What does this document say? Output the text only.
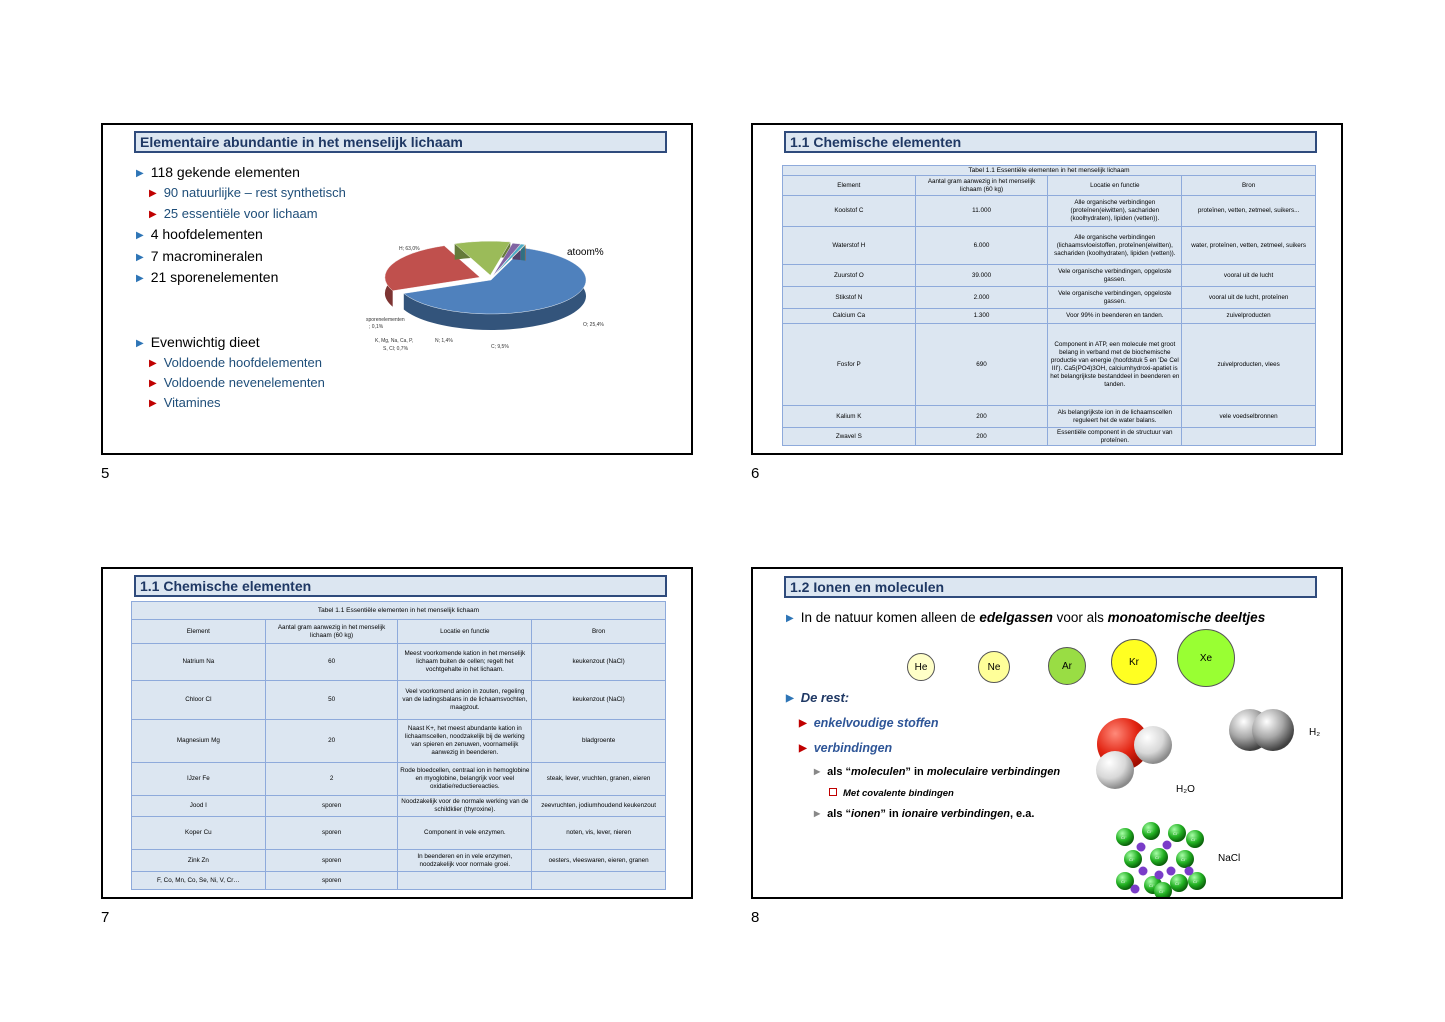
Elementaire abundantie in het menselijk lichaam
▶ 118 gekende elementen
▶ 90 natuurlijke – rest synthetisch
▶ 25 essentiële voor lichaam
▶ 4 hoofdelementen
▶ 7 macromineralen
▶ 21 sporenelementen
▶ Evenwichtig dieet
▶ Voldoende hoofdelementen
▶ Voldoende nevenelementen
▶ Vitamines
atoom%
H; 63,0%
O; 25,4%
C; 9,5%
N; 1,4%
K, Mg, Na, Ca, P, S, Cl; 0,7%
sporenelementen ; 0,1%
5
1.1 Chemische elementen
Tabel 1.1 Essentiële elementen in het menselijk lichaam			
Element	Aantal gram aanwezig in het menselijk lichaam (60 kg)	Locatie en functie	Bron
Koolstof C	11.000	Alle organische verbindingen (proteïnen(eiwitten), sachariden (koolhydraten), lipiden (vetten)).	proteïnen, vetten, zetmeel, suikers...
Waterstof H	6.000	Alle organische verbindingen (lichaamsvloeistoffen, proteïnen(eiwitten), sachariden (koolhydraten), lipiden (vetten)).	water, proteïnen, vetten, zetmeel, suikers
Zuurstof O	39.000	Vele organische verbindingen, opgeloste gassen.	vooral uit de lucht
Stikstof N	2.000	Vele organische verbindingen, opgeloste gassen.	vooral uit de lucht, proteïnen
Calcium Ca	1.300	Voor 99% in beenderen en tanden.	zuivelproducten
Fosfor P	690	Component in ATP, een molecule met groot belang in verband met de biochemische productie van energie (hoofdstuk 5 en 'De Cel III'). Ca5(PO4)3OH, calciumhydroxi-apatiet is het belangrijkste bestanddeel in beenderen en tanden.	zuivelproducten, vlees
Kalium K	200	Als belangrijkste ion in de lichaamscellen reguleert het de water balans.	vele voedselbronnen
Zwavel S	200	Essentiële component in de structuur van proteïnen.	
6
1.1 Chemische elementen
Tabel 1.1 Essentiële elementen in het menselijk lichaam			
Element	Aantal gram aanwezig in het menselijk lichaam (60 kg)	Locatie en functie	Bron
Natrium Na	60	Meest voorkomende kation in het menselijk lichaam buiten de cellen; regelt het vochtgehalte in het lichaam.	keukenzout (NaCl)
Chloor Cl	50	Veel voorkomend anion in zouten, regeling van de ladingsbalans in de lichaamsvochten, maagzout.	keukenzout (NaCl)
Magnesium Mg	20	Naast K+, het meest abundante kation in lichaamscellen, noodzakelijk bij de werking van spieren en zenuwen, voornamelijk aanwezig in beenderen.	bladgroente
IJzer Fe	2	Rode bloedcellen, centraal ion in hemoglobine en myoglobine, belangrijk voor veel oxidatie/reductiereacties.	steak, lever, vruchten, granen, eieren
Jood I	sporen	Noodzakelijk voor de normale werking van de schildklier (thyroxine).	zeevruchten, jodiumhoudend keukenzout
Koper Cu	sporen	Component in vele enzymen.	noten, vis, lever, nieren
Zink Zn	sporen	In beenderen en in vele enzymen, noodzakelijk voor normale groei.	oesters, vleeswaren, eieren, granen
F, Co, Mn, Co, Se, Ni, V, Cr…	sporen		
7
1.2 Ionen en moleculen
▶ In de natuur komen alleen de edelgassen voor als monoatomische deeltjes
He	Ne	Ar	Kr	Xe
▶ De rest:
▶ enkelvoudige stoffen
▶ verbindingen
▶ als “moleculen” in moleculaire verbindingen
Met covalente bindingen
▶ als “ionen” in ionaire verbindingen, e.a.
H₂O
H₂
Cl⁻
Cl⁻	Cl⁻
Cl⁻
Cl⁻	Cl⁻	Cl⁻
Cl⁻
Cl⁻	Cl⁻	Cl⁻
Cl⁻
NaCl
8
